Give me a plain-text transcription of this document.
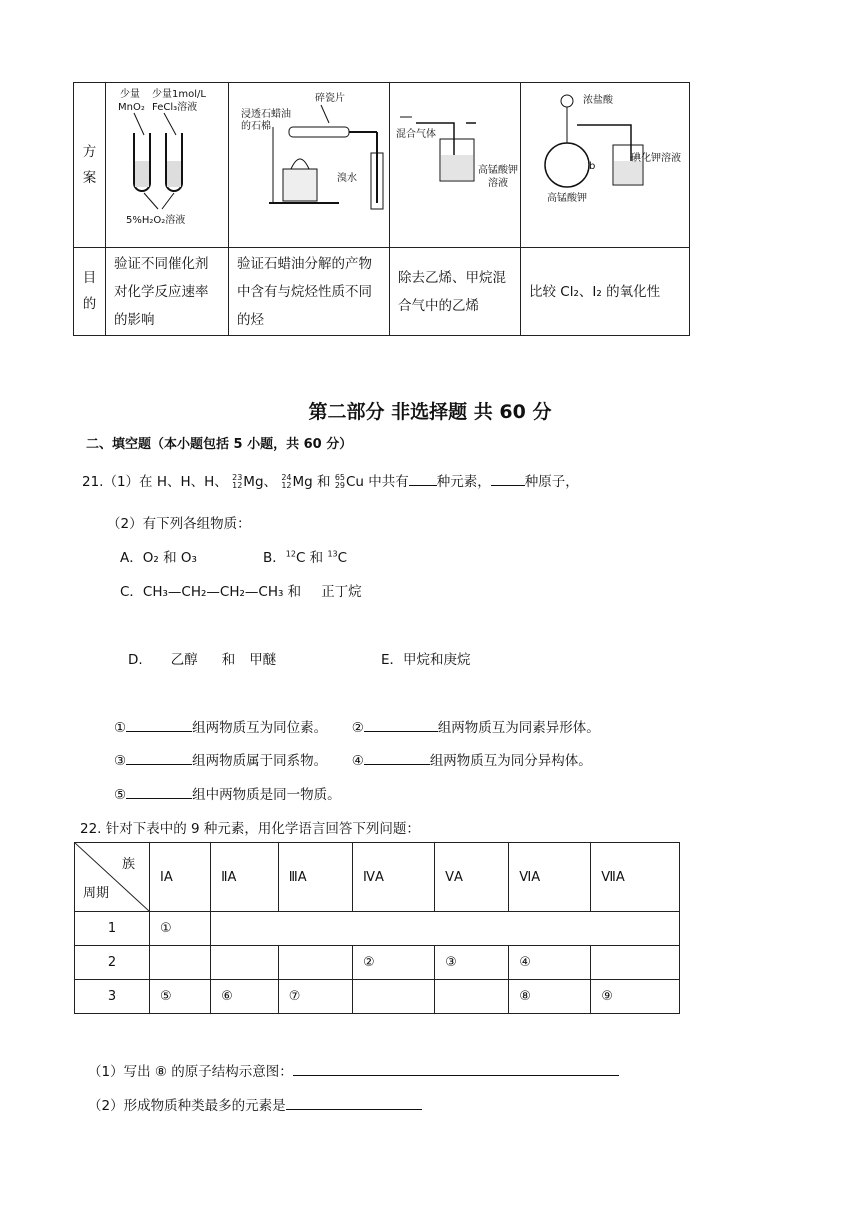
方案	少量
MnO₂
少量1mol/L
FeCl₃溶液
5%H₂O₂溶液	碎瓷片
浸透石蜡油
的石棉
溴水	混合气体
高锰酸钾
溶液	浓盐酸
b
碘化钾溶液
高锰酸钾

目的	验证不同催化剂对化学反应速率的影响	验证石蜡油分解的产物中含有与烷烃性质不同的烃	除去乙烯、甲烷混合气中的乙烯	比较 Cl₂、I₂ 的氧化性
第二部分 非选择题 共 60 分
二、填空题（本小题包括 5 小题，共 60 分）
21.（1）在 H、H、H、 23
12Mg、 24
12Mg 和 65
29Cu 中共有 种元素，	种原子，
（2）有下列各组物质：
A．O₂ 和 O₃	B．$^{12}$C 和 $^{13}$C
C．CH₃—CH₂—CH₂—CH₃ 和 正丁烷
D. 乙醇 和 甲醚	E．甲烷和庚烷
①	组两物质互为同位素。 ②	组两物质互为同素异形体。
③	组两物质属于同系物。 ④	组两物质互为同分异构体。
⑤	组中两物质是同一物质。
22. 针对下表中的 9 种元素，用化学语言回答下列问题：
族
周期	ⅠA	ⅡA	ⅢA	ⅣA	ⅤA	ⅥA	ⅦA
1	①						
2				②	③	④	
3	⑤	⑥	⑦			⑧	⑨
（1）写出 ⑧ 的原子结构示意图：
（2）形成物质种类最多的元素是
